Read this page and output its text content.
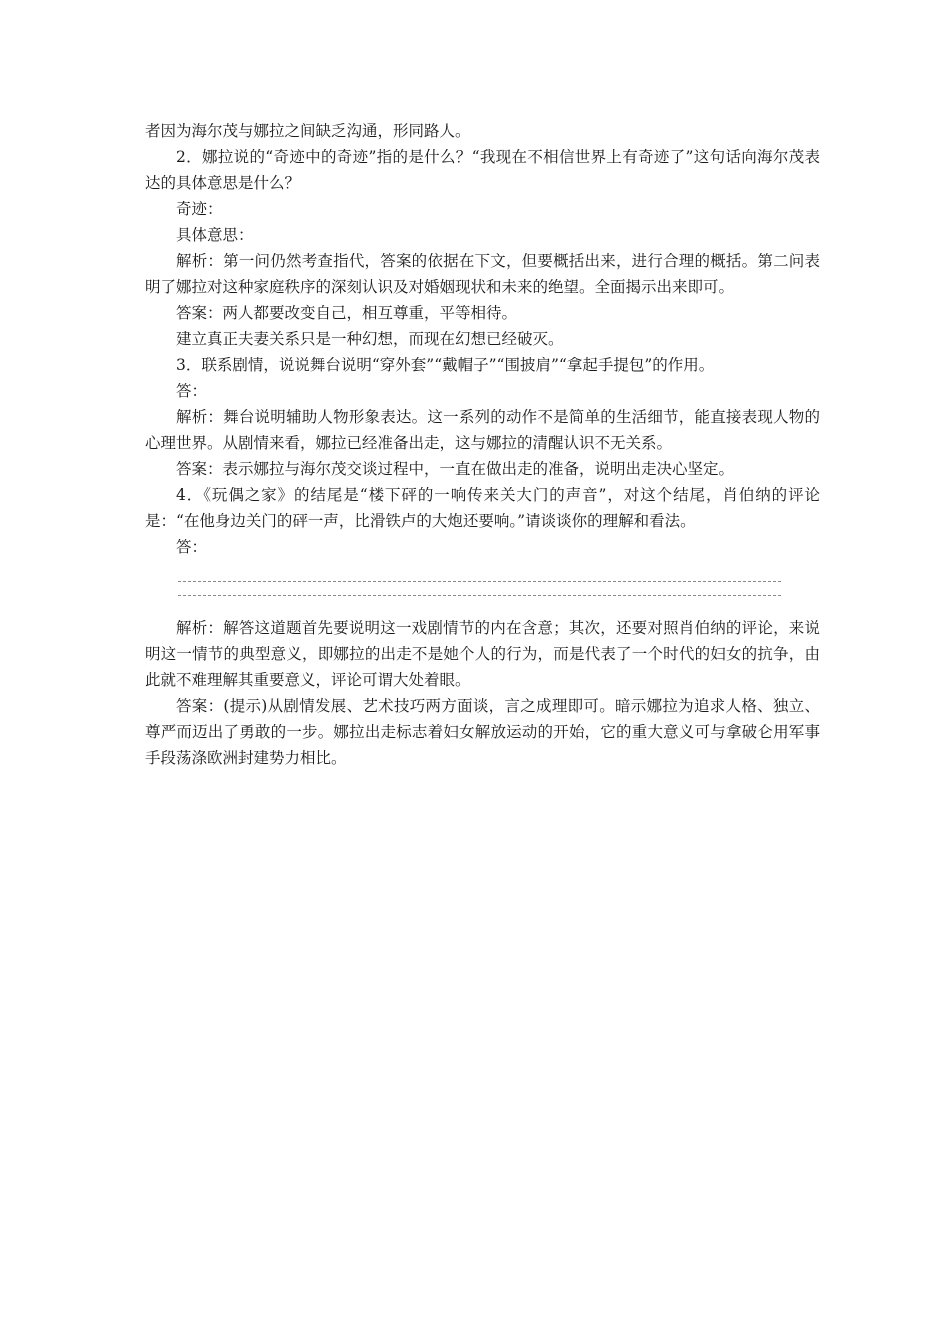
者因为海尔茂与娜拉之间缺乏沟通，形同路人。

2．娜拉说的“奇迹中的奇迹”指的是什么？“我现在不相信世界上有奇迹了”这句话向海尔茂表达的具体意思是什么？

奇迹：

具体意思：

解析：第一问仍然考查指代，答案的依据在下文，但要概括出来，进行合理的概括。第二问表明了娜拉对这种家庭秩序的深刻认识及对婚姻现状和未来的绝望。全面揭示出来即可。

答案：两人都要改变自己，相互尊重，平等相待。

建立真正夫妻关系只是一种幻想，而现在幻想已经破灭。

3．联系剧情，说说舞台说明“穿外套”“戴帽子”“围披肩”“拿起手提包”的作用。

答：

解析：舞台说明辅助人物形象表达。这一系列的动作不是简单的生活细节，能直接表现人物的心理世界。从剧情来看，娜拉已经准备出走，这与娜拉的清醒认识不无关系。

答案：表示娜拉与海尔茂交谈过程中，一直在做出走的准备，说明出走决心坚定。

4．《玩偶之家》的结尾是“楼下砰的一响传来关大门的声音”，对这个结尾，肖伯纳的评论是：“在他身边关门的砰一声，比滑铁卢的大炮还要响。”请谈谈你的理解和看法。

答：

解析：解答这道题首先要说明这一戏剧情节的内在含意；其次，还要对照肖伯纳的评论，来说明这一情节的典型意义，即娜拉的出走不是她个人的行为，而是代表了一个时代的妇女的抗争，由此就不难理解其重要意义，评论可谓大处着眼。

答案：(提示)从剧情发展、艺术技巧两方面谈，言之成理即可。暗示娜拉为追求人格、独立、尊严而迈出了勇敢的一步。娜拉出走标志着妇女解放运动的开始，它的重大意义可与拿破仑用军事手段荡涤欧洲封建势力相比。
